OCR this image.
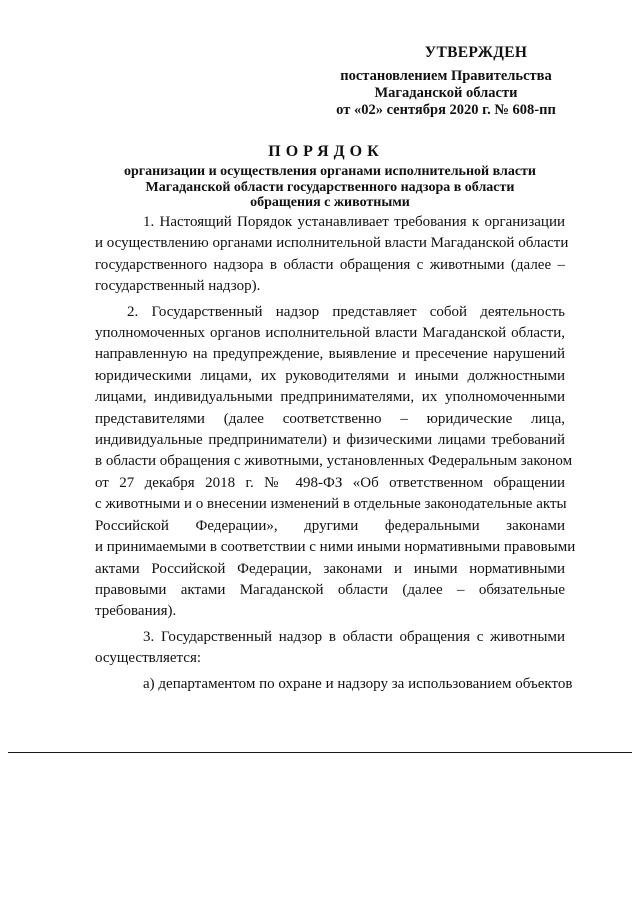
УТВЕРЖДЕН
постановлением Правительства
Магаданской области
от «02» сентября 2020 г. № 608-пп
ПОРЯДОК
организации и осуществления органами исполнительной власти
Магаданской области государственного надзора в области
обращения с животными

1. Настоящий Порядок устанавливает требования к организации
и осуществлению органами исполнительной власти Магаданской области
государственного надзора в области обращения с животными (далее –
государственный надзор).

2. Государственный надзор представляет собой деятельность
уполномоченных органов исполнительной власти Магаданской области,
направленную на предупреждение, выявление и пресечение нарушений
юридическими лицами, их руководителями и иными должностными
лицами, индивидуальными предпринимателями, их уполномоченными
представителями (далее соответственно – юридические лица,
индивидуальные предприниматели) и физическими лицами требований
в области обращения с животными, установленных Федеральным законом
от 27 декабря 2018 г. № 498-ФЗ «Об ответственном обращении
с животными и о внесении изменений в отдельные законодательные акты
Российской Федерации», другими федеральными законами
и принимаемыми в соответствии с ними иными нормативными правовыми
актами Российской Федерации, законами и иными нормативными
правовыми актами Магаданской области (далее – обязательные
требования).

3. Государственный надзор в области обращения с животными
осуществляется:

а) департаментом по охране и надзору за использованием объектов
